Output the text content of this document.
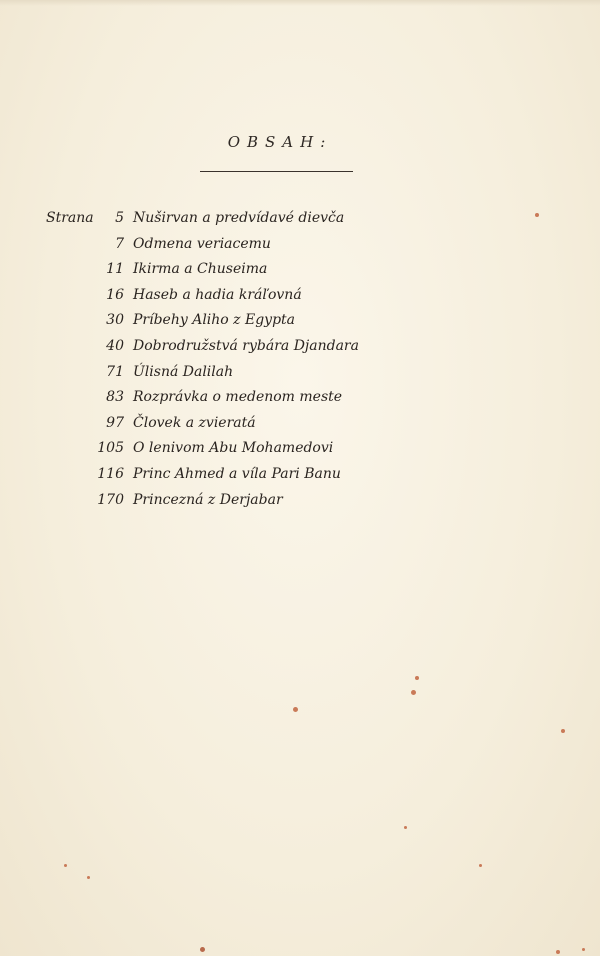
OBSAH:
Strana	5 Nuširvan a predvídavé dievča
7 Odmena veriacemu
11 Ikirma a Chuseima
16 Haseb a hadia kráľovná
30 Príbehy Aliho z Egypta
40 Dobrodružstvá rybára Djandara
71 Úlisná Dalilah
83 Rozprávka o medenom meste
97 Človek a zvieratá
105 O lenivom Abu Mohamedovi
116 Princ Ahmed a víla Pari Banu
170 Princezná z Derjabar
